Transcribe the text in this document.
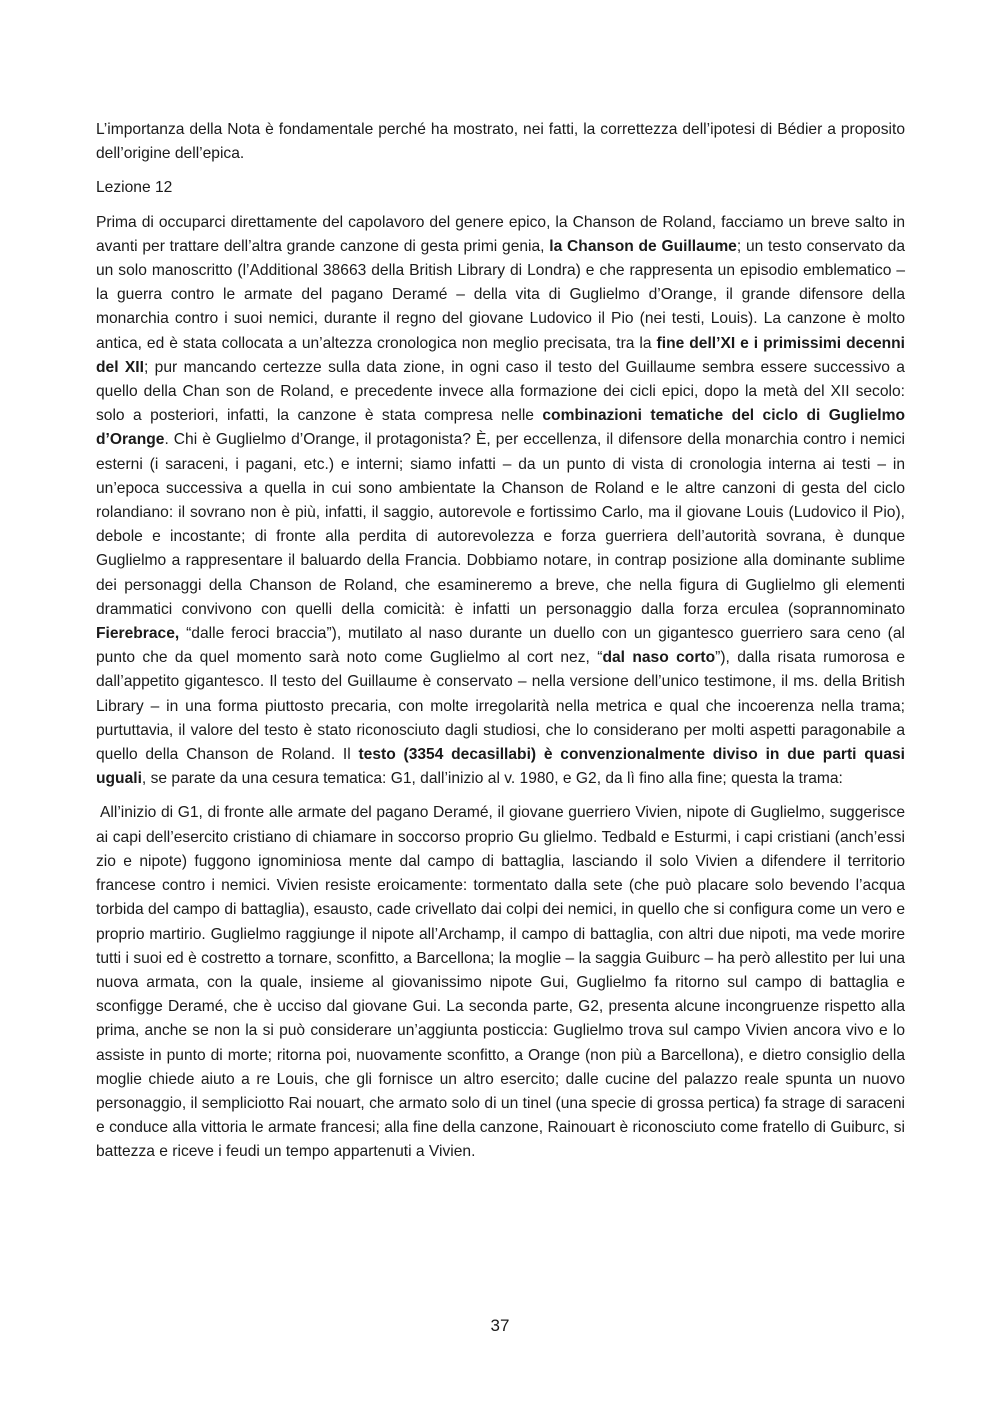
L’importanza della Nota è fondamentale perché ha mostrato, nei fatti, la correttezza dell’ipotesi di Bédier a proposito dell’origine dell’epica.

Lezione 12

Prima di occuparci direttamente del capolavoro del genere epico, la Chanson de Roland, facciamo un breve salto in avanti per trattare dell’altra grande canzone di gesta primi genia, la Chanson de Guillaume; un testo conservato da un solo manoscritto (l’Additional 38663 della British Library di Londra) e che rappresenta un episodio emblematico – la guerra contro le armate del pagano Deramé – della vita di Guglielmo d’Orange, il grande difensore della monarchia contro i suoi nemici, durante il regno del giovane Ludovico il Pio (nei testi, Louis). La canzone è molto antica, ed è stata collocata a un’altezza cronologica non meglio precisata, tra la fine dell’XI e i primissimi decenni del XII; pur mancando certezze sulla data zione, in ogni caso il testo del Guillaume sembra essere successivo a quello della Chan son de Roland, e precedente invece alla formazione dei cicli epici, dopo la metà del XII secolo: solo a posteriori, infatti, la canzone è stata compresa nelle combinazioni tematiche del ciclo di Guglielmo d’Orange. Chi è Guglielmo d’Orange, il protagonista? È, per eccellenza, il difensore della monarchia contro i nemici esterni (i saraceni, i pagani, etc.) e interni; siamo infatti – da un punto di vista di cronologia interna ai testi – in un’epoca successiva a quella in cui sono ambientate la Chanson de Roland e le altre canzoni di gesta del ciclo rolandiano: il sovrano non è più, infatti, il saggio, autorevole e fortissimo Carlo, ma il giovane Louis (Ludovico il Pio), debole e incostante; di fronte alla perdita di autorevolezza e forza guerriera dell’autorità sovrana, è dunque Guglielmo a rappresentare il baluardo della Francia. Dobbiamo notare, in contrap posizione alla dominante sublime dei personaggi della Chanson de Roland, che esamineremo a breve, che nella figura di Guglielmo gli elementi drammatici convivono con quelli della comicità: è infatti un personaggio dalla forza erculea (soprannominato Fierebrace, “dalle feroci braccia”), mutilato al naso durante un duello con un gigantesco guerriero sara ceno (al punto che da quel momento sarà noto come Guglielmo al cort nez, “dal naso corto”), dalla risata rumorosa e dall’appetito gigantesco. Il testo del Guillaume è conservato – nella versione dell’unico testimone, il ms. della British Library – in una forma piuttosto precaria, con molte irregolarità nella metrica e qual che incoerenza nella trama; purtuttavia, il valore del testo è stato riconosciuto dagli studiosi, che lo considerano per molti aspetti paragonabile a quello della Chanson de Roland. Il testo (3354 decasillabi) è convenzionalmente diviso in due parti quasi uguali, se parate da una cesura tematica: G1, dall’inizio al v. 1980, e G2, da lì fino alla fine; questa la trama:

All’inizio di G1, di fronte alle armate del pagano Deramé, il giovane guerriero Vivien, nipote di Guglielmo, suggerisce ai capi dell’esercito cristiano di chiamare in soccorso proprio Gu glielmo. Tedbald e Esturmi, i capi cristiani (anch’essi zio e nipote) fuggono ignominiosa mente dal campo di battaglia, lasciando il solo Vivien a difendere il territorio francese contro i nemici. Vivien resiste eroicamente: tormentato dalla sete (che può placare solo bevendo l’acqua torbida del campo di battaglia), esausto, cade crivellato dai colpi dei nemici, in quello che si configura come un vero e proprio martirio. Guglielmo raggiunge il nipote all’Archamp, il campo di battaglia, con altri due nipoti, ma vede morire tutti i suoi ed è costretto a tornare, sconfitto, a Barcellona; la moglie – la saggia Guiburc – ha però allestito per lui una nuova armata, con la quale, insieme al giovanissimo nipote Gui, Guglielmo fa ritorno sul campo di battaglia e sconfigge Deramé, che è ucciso dal giovane Gui. La seconda parte, G2, presenta alcune incongruenze rispetto alla prima, anche se non la si può considerare un’aggiunta posticcia: Guglielmo trova sul campo Vivien ancora vivo e lo assiste in punto di morte; ritorna poi, nuovamente sconfitto, a Orange (non più a Barcellona), e dietro consiglio della moglie chiede aiuto a re Louis, che gli fornisce un altro esercito; dalle cucine del palazzo reale spunta un nuovo personaggio, il sempliciotto Rai nouart, che armato solo di un tinel (una specie di grossa pertica) fa strage di saraceni e conduce alla vittoria le armate francesi; alla fine della canzone, Rainouart è riconosciuto come fratello di Guiburc, si battezza e riceve i feudi un tempo appartenuti a Vivien.

37
